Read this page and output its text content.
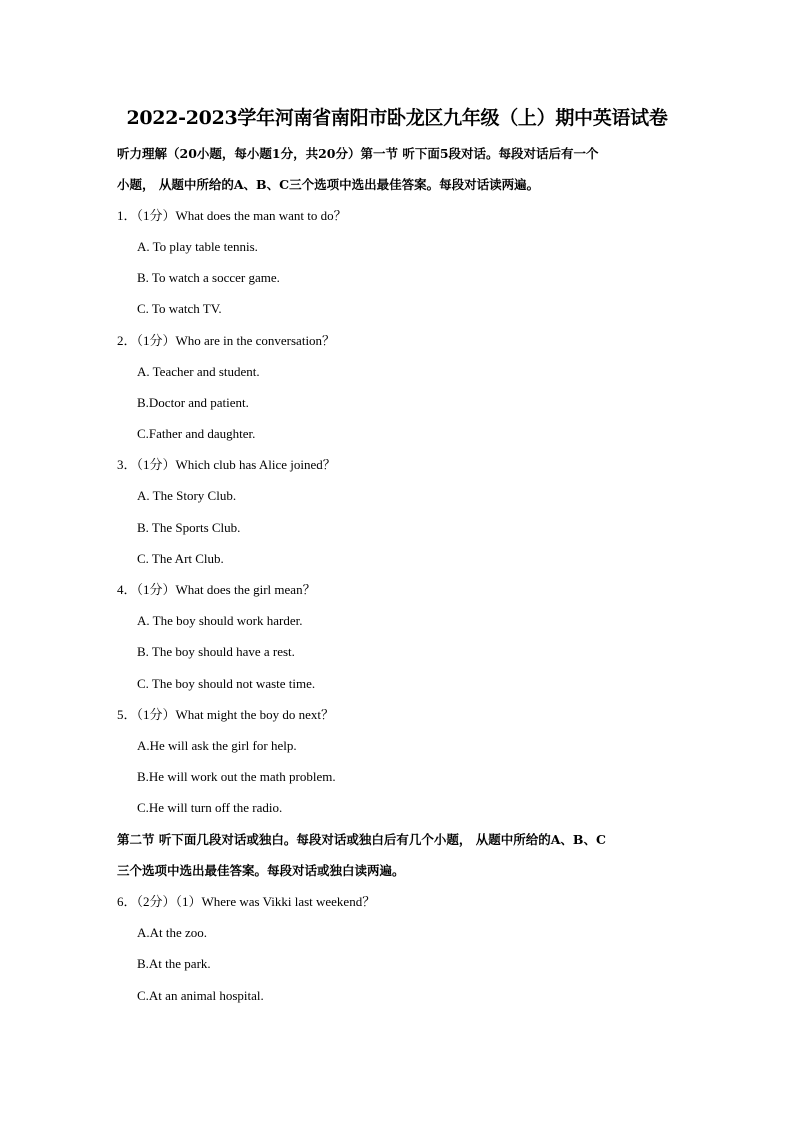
2022-2023学年河南省南阳市卧龙区九年级（上）期中英语试卷
听力理解（20小题，每小题1分，共20分）第一节 听下面5段对话。每段对话后有一个
小题， 从题中所给的A、B、C三个选项中选出最佳答案。每段对话读两遍。
1．（1分）What does the man want to do？
A. To play table tennis.
B. To watch a soccer game.
C. To watch TV.
2．（1分）Who are in the conversation？
A. Teacher and student.
B.Doctor and patient.
C.Father and daughter.
3．（1分）Which club has Alice joined？
A. The Story Club.
B. The Sports Club.
C. The Art Club.
4．（1分）What does the girl mean？
A. The boy should work harder.
B. The boy should have a rest.
C. The boy should not waste time.
5．（1分）What might the boy do next？
A.He will ask the girl for help.
B.He will work out the math problem.
C.He will turn off the radio.
第二节 听下面几段对话或独白。每段对话或独白后有几个小题， 从题中所给的A、B、C
三个选项中选出最佳答案。每段对话或独白读两遍。
6．（2分）（1）Where was Vikki last weekend？
A.At the zoo.
B.At the park.
C.At an animal hospital.
